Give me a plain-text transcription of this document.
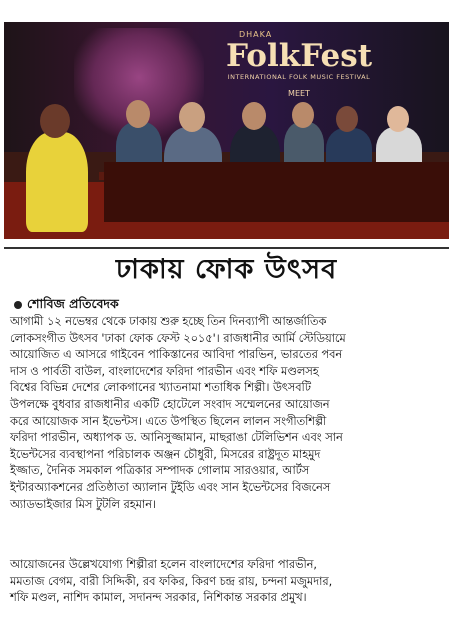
DHAKA
FolkFest
INTERNATIONAL FOLK MUSIC FESTIVAL
MEET
ঢাকায় ফোক উৎসব
শোবিজ প্রতিবেদক
আগামী ১২ নভেম্বর থেকে ঢাকায় শুরু হচ্ছে তিন দিনব্যাপী আন্তর্জাতিক
লোকসংগীত উৎসব 'ঢাকা ফোক ফেস্ট ২০১৫'। রাজধানীর আর্মি স্টেডিয়ামে
আয়োজিত এ আসরে গাইবেন পাকিস্তানের আবিদা পারভিন, ভারতের পবন
দাস ও পার্বতী বাউল, বাংলাদেশের ফরিদা পারভীন এবং শফি মণ্ডলসহ
বিশ্বের বিভিন্ন দেশের লোকগানের খ্যাতনামা শতাধিক শিল্পী। উৎসবটি
উপলক্ষে বুধবার রাজধানীর একটি হোটেলে সংবাদ সম্মেলনের আয়োজন
করে আয়োজক সান ইভেন্টস। এতে উপস্থিত ছিলেন লালন সংগীতশিল্পী
ফরিদা পারভীন, অধ্যাপক ড. আনিসুজ্জামান, মাছরাঙা টেলিভিশন এবং সান
ইভেন্টসের ব্যবস্থাপনা পরিচালক অঞ্জন চৌধুরী, মিসরের রাষ্ট্রদূত মাহমুদ
ইজ্জাত, দৈনিক সমকাল পত্রিকার সম্পাদক গোলাম সারওয়ার, আর্টস
ইন্টারঅ্যাকশনের প্রতিষ্ঠাতা অ্যালান টুইডি এবং সান ইভেন্টসের বিজনেস
অ্যাডভাইজার মিস টুটলি রহমান।
আয়োজনের উল্লেখযোগ্য শিল্পীরা হলেন বাংলাদেশের ফরিদা পারভীন,
মমতাজ বেগম, বারী সিদ্দিকী, রব ফকির, কিরণ চন্দ্র রায়, চন্দনা মজুমদার,
শফি মণ্ডল, নাশিদ কামাল, সদানন্দ সরকার, নিশিকান্ত সরকার প্রমুখ।
